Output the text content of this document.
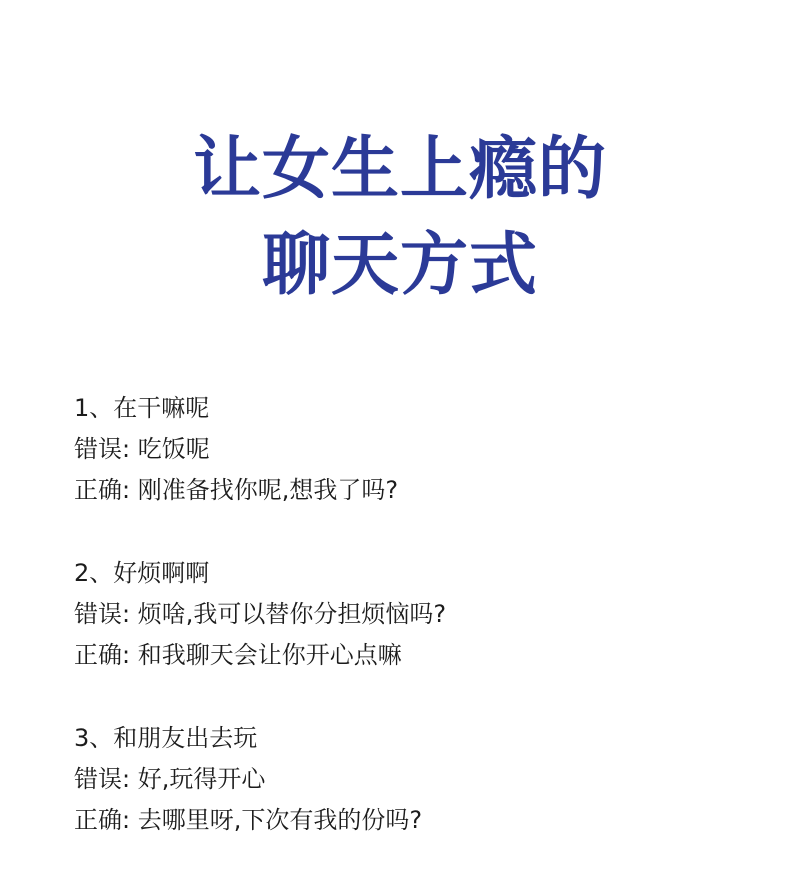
让女生上瘾的
聊天方式

1、在干嘛呢

错误: 吃饭呢

正确: 刚准备找你呢,想我了吗?

2、好烦啊啊

错误: 烦啥,我可以替你分担烦恼吗?

正确: 和我聊天会让你开心点嘛

3、和朋友出去玩

错误: 好,玩得开心

正确: 去哪里呀,下次有我的份吗?
